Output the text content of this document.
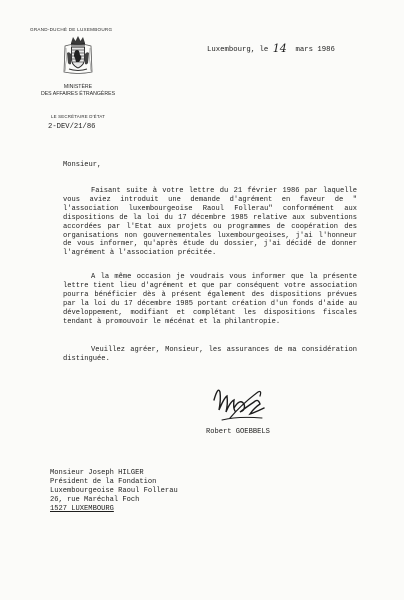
GRAND-DUCHÉ DE LUXEMBOURG
MINISTÈRE
DES AFFAIRES ÉTRANGÈRES
LE SECRÉTAIRE D'ÉTAT
2-DEV/21/86
Luxembourg, le 14 mars 1986
Monsieur,
Faisant suite à votre lettre du 21 février 1986 par laquelle vous aviez introduit une demande d'agrément en faveur de " l'association luxembourgeoise Raoul Follerau" conformément aux dispositions de la loi du 17 décembre 1985 relative aux subventions accordées par l'Etat aux projets ou programmes de coopération des organisations non gouvernementales luxembourgeoises, j'ai l'honneur de vous informer, qu'après étude du dossier, j'ai décidé de donner l'agrément à l'association précitée.
A la même occasion je voudrais vous informer que la présente lettre tient lieu d'agrément et que par conséquent votre association pourra bénéficier dès à présent également des dispositions prévues par la loi du 17 décembre 1985 portant création d'un fonds d'aide au développement, modifiant et complétant les dispositions fiscales tendant à promouvoir le mécénat et la philantropie.
Veuillez agréer, Monsieur, les assurances de ma considération distinguée.
Robert GOEBBELS
Monsieur Joseph HILGER
Président de la Fondation
Luxembourgeoise Raoul Follerau
26, rue Maréchal Foch
1527 LUXEMBOURG
